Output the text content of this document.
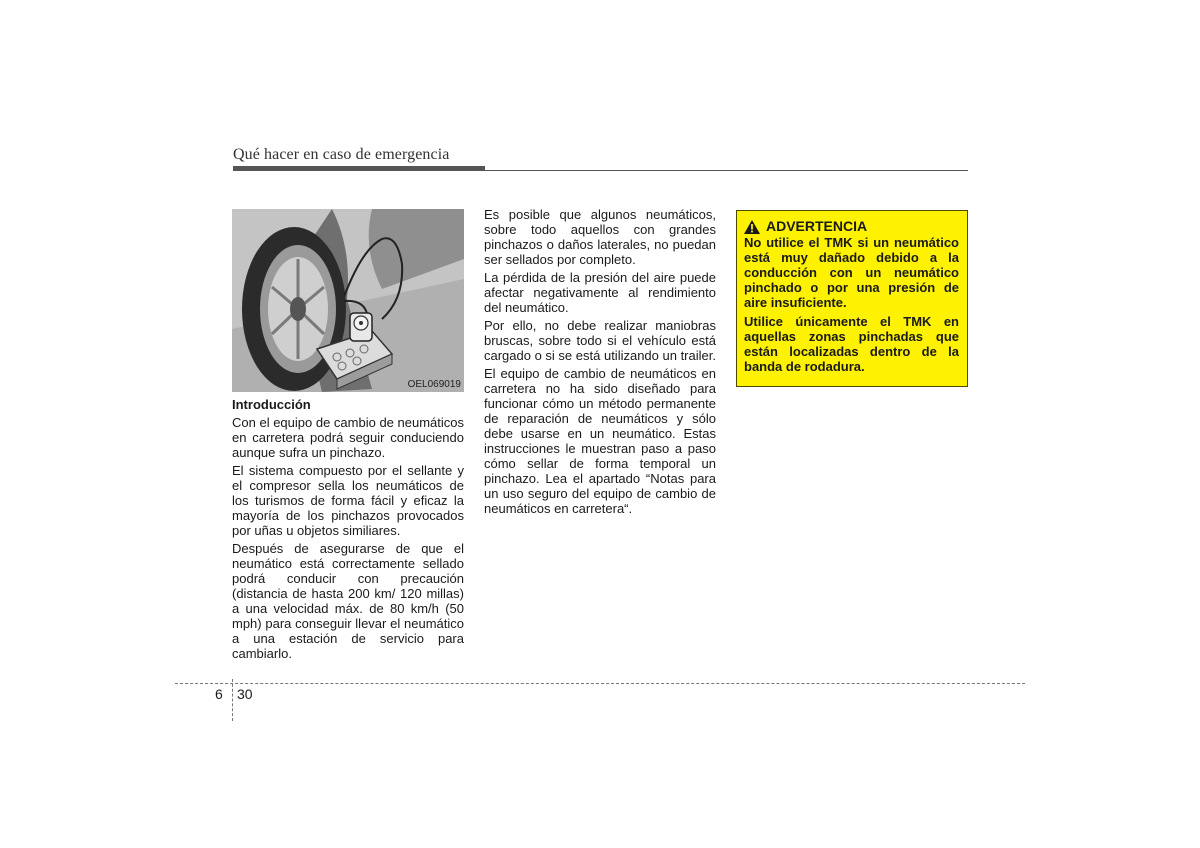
Qué hacer en caso de emergencia
OEL069019
Introducción

Con el equipo de cambio de neumáticos en carretera podrá seguir conduciendo aunque sufra un pinchazo.

El sistema compuesto por el sellante y el compresor sella los neumáticos de los turismos de forma fácil y eficaz la mayoría de los pinchazos provocados por uñas u objetos similiares.

Después de asegurarse de que el neumático está correctamente sellado podrá conducir con precaución (distancia de hasta 200 km/ 120 millas) a una velocidad máx. de 80 km/h (50 mph) para conseguir llevar el neumático a una estación de servicio para cambiarlo.

Es posible que algunos neumáticos, sobre todo aquellos con grandes pinchazos o daños laterales, no puedan ser sellados por completo.

La pérdida de la presión del aire puede afectar negativamente al rendimiento del neumático.

Por ello, no debe realizar maniobras bruscas, sobre todo si el vehículo está cargado o si se está utilizando un trailer.

El equipo de cambio de neumáticos en carretera no ha sido diseñado para funcionar cómo un método permanente de reparación de neumáticos y sólo debe usarse en un neumático. Estas instrucciones le muestran paso a paso cómo sellar de forma temporal un pinchazo. Lea el apartado “Notas para un uso seguro del equipo de cambio de neumáticos en carretera“.

ADVERTENCIA

No utilice el TMK si un neumático está muy dañado debido a la conducción con un neumático pinchado o por una presión de aire insuficiente.

Utilice únicamente el TMK en aquellas zonas pinchadas que están localizadas dentro de la banda de rodadura.

6 30
